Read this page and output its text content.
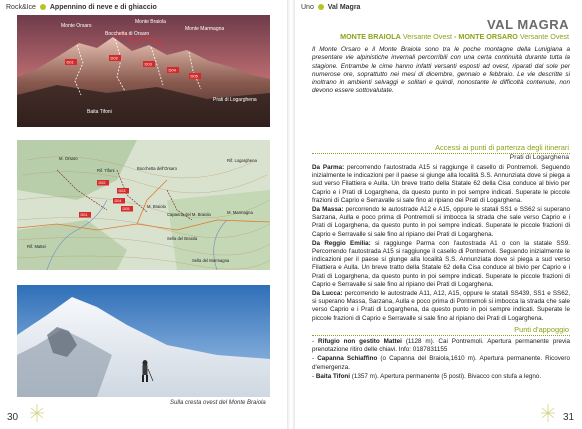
Rock&Ice Appennino di neve e di ghiaccio
Monte Orsaro
Monte Braiola
Bocchetta di Orsaro
Monte Marmagna
Prati di Logarghena
Baita Tifoni
D01
D02
D03
D04
D05
M. Orsaro
Rif. Tifoni	Bocchetta dell'Orsaro
M. Braiola
Capanna del M. Braiola	M. Marmagna
Sella del Braiola
Rif. Mattei
Rif. Logarghena
Sella del Marmagna
D01
D02
D03
D04
D05
Sulla cresta ovest del Monte Braiola
30
Uno Val Magra
VAL MAGRA
MONTE BRAIOLA Versante Ovest - MONTE ORSARO Versante Ovest
Il Monte Orsaro e il Monte Braiola sono tra le poche montagne della Lunigiana a presentare vie alpinistiche invernali percorribili con una certa continuità durante tutta la stagione. Entrambe le cime hanno infatti versanti esposti ad ovest, riparati dal sole per numerose ore, soprattutto nei mesi di dicembre, gennaio e febbraio. Le vie descritte si inoltrano in ambienti selvaggi e solitari e quindi, nonostante le difficoltà contenute, non devono essere sottovalutate.
Accessi ai punti di partenza degli itinerari
Prati di Logarghena

Da Parma: percorrendo l'autostrada A15 si raggiunge il casello di Pontremoli. Seguendo inizialmente le indicazioni per il paese si giunge alla località S.S. Annunziata dove si piega a sud verso Filattiera e Aulla. Un breve tratto della Statale 62 della Cisa conduce al bivio per Caprio e i Prati di Logarghena, da questo punto in poi sempre indicati. Superate le piccole frazioni di Caprio e Serravalle si sale fino al ripiano dei Prati di Logarghena.

Da Massa: percorrendo le autostrade A12 e A15, oppure le statali SS1 e SS62 si superano Sarzana, Aulla e poco prima di Pontremoli si imbocca la strada che sale verso Caprio e i Prati di Logarghena, da questo punto in poi sempre indicati. Superate le piccole frazioni di Caprio e Serravalle si sale fino al ripiano dei Prati di Logarghena.

Da Reggio Emilia: si raggiunge Parma con l'autostrada A1 o con la statale SS9. Percorrendo l'autostrada A15 si raggiunge il casello di Pontremoli. Seguendo inizialmente le indicazioni per il paese si giunge alla località S.S. Annunziata dove si piega a sud verso Filattiera e Aulla. Un breve tratto della Statale 62 della Cisa conduce al bivio per Caprio e i Prati di Logarghena, da questo punto in poi sempre indicati. Superate le piccole frazioni di Caprio e Serravalle si sale fino al ripiano dei Prati di Logarghena.

Da Lucca: percorrendo le autostrade A11, A12, A15, oppure le statali SS439, SS1 e SS62, si superano Massa, Sarzana, Aulla e poco prima di Pontremoli si imbocca la strada che sale verso Caprio e i Prati di Logarghena, da questo punto in poi sempre indicati. Superate le piccole frazioni di Caprio e Serravalle si sale fino al ripiano dei Prati di Logarghena.

Punti d'appoggio

- Rifugio non gestito Mattei (1128 m). Cai Pontremoli. Apertura permanente previa prenotazione ritiro delle chiavi. Info: 0187831155

- Capanna Schiaffino (o Capanna del Braiola,1610 m). Apertura permanente. Ricovero d'emergenza.

- Baita Tifoni (1357 m). Apertura permanente (5 posti). Bivacco con stufa a legno.

31
